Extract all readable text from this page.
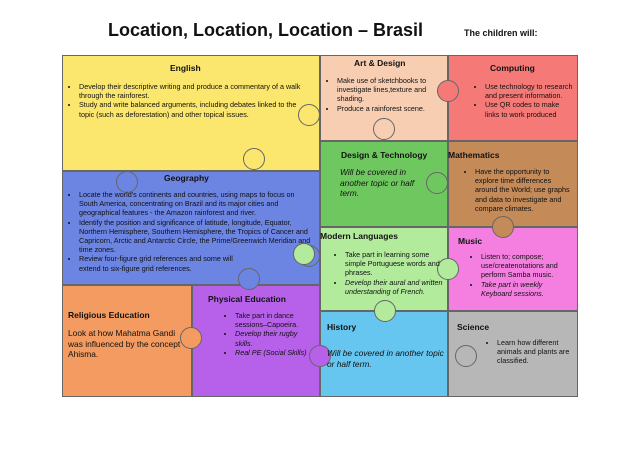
Location, Location, Location – Brasil	The children will:
English	Art & Design	Computing
Geography
Design & Technology Mathematics
Modern Languages	Music
Religious Education
Physical Education
History	Science
• Develop their descriptive writing and produce a commentary of a walk through the rainforest.
• Study and write balanced arguments, including debates linked to the topic (such as deforestation) and other topical issues.
• Make use of sketchbooks to investigate lines,texture and shading.
• Produce a rainforest scene.
• Use technology to research and present information.
• Use QR codes to make links to work produced
• Locate the world's continents and countries, using maps to focus on South America, concentrating on Brazil and its major cities and geographical features - the Amazon rainforest and river.
• Identify the position and significance of latitude, longitude, Equator, Northern Hemisphere, Southern Hemisphere, the Tropics of Cancer and Capricorn, Arctic and Antarctic Circle, the Prime/Greenwich Meridian and time zones.
• Review four-figure grid references and some will extend to six-figure grid references.
Will be covered in another topic or half term.
• Have the opportunity to explore time differences around the World; use graphs and data to investigate and compare climates.
• Take part in learning some simple Portuguese words and phrases.
• Develop their aural and written understanding of French.
• Listen to; compose; use/createnotations and perform Samba music.
• Take part in weekly Keyboard sessions.
Look at how Mahatma Gandi was influenced by the concept Ahisma.
• Take part in dance sessions–Capoeira.
• Develop their rugby skills.
• Real PE (Social Skills)	Will be covered in another topic or half term.
• Learn how different animals and plants are classified.
